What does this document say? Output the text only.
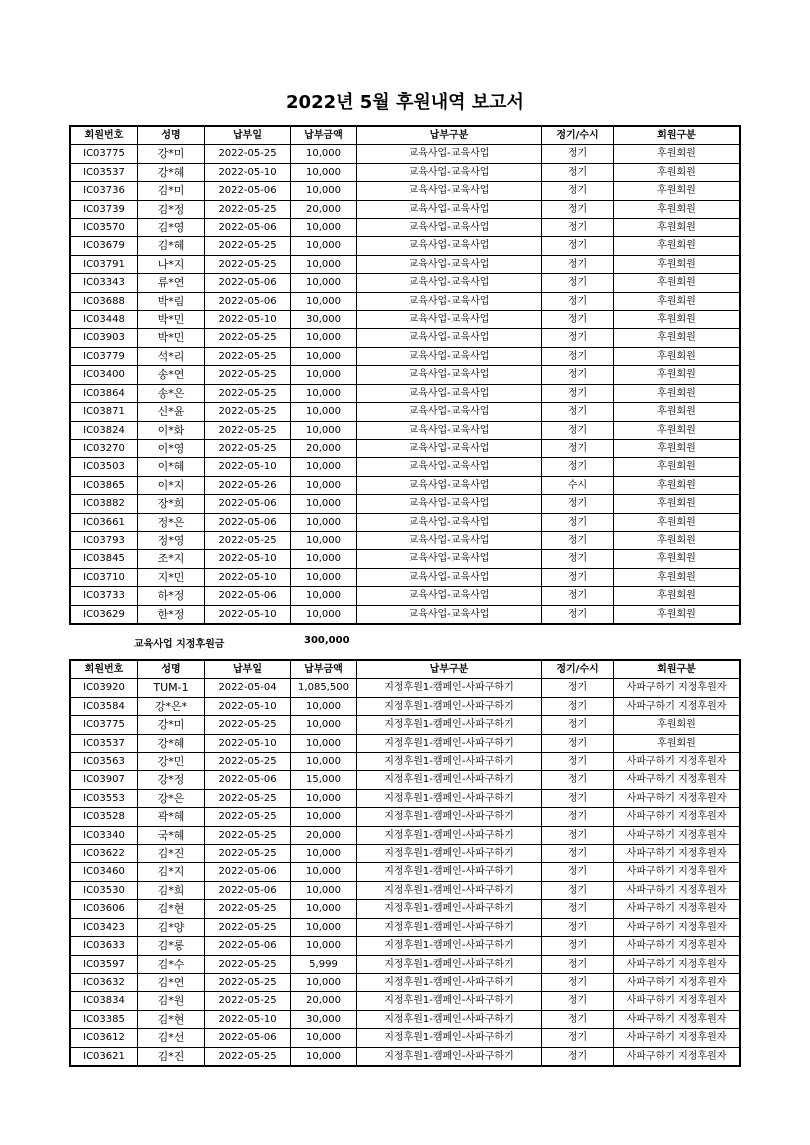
2022년 5월 후원내역 보고서
회원번호	성명	납부일	납부금액	납부구분	정기/수시	회원구분
IC03775	강*미	2022-05-25	10,000	교육사업-교육사업	정기	후원회원
IC03537	강*혜	2022-05-10	10,000	교육사업-교육사업	정기	후원회원
IC03736	김*미	2022-05-06	10,000	교육사업-교육사업	정기	후원회원
IC03739	김*정	2022-05-25	20,000	교육사업-교육사업	정기	후원회원
IC03570	김*영	2022-05-06	10,000	교육사업-교육사업	정기	후원회원
IC03679	김*혜	2022-05-25	10,000	교육사업-교육사업	정기	후원회원
IC03791	나*지	2022-05-25	10,000	교육사업-교육사업	정기	후원회원
IC03343	류*연	2022-05-06	10,000	교육사업-교육사업	정기	후원회원
IC03688	박*림	2022-05-06	10,000	교육사업-교육사업	정기	후원회원
IC03448	박*민	2022-05-10	30,000	교육사업-교육사업	정기	후원회원
IC03903	박*민	2022-05-25	10,000	교육사업-교육사업	정기	후원회원
IC03779	석*리	2022-05-25	10,000	교육사업-교육사업	정기	후원회원
IC03400	송*연	2022-05-25	10,000	교육사업-교육사업	정기	후원회원
IC03864	송*은	2022-05-25	10,000	교육사업-교육사업	정기	후원회원
IC03871	신*윤	2022-05-25	10,000	교육사업-교육사업	정기	후원회원
IC03824	이*화	2022-05-25	10,000	교육사업-교육사업	정기	후원회원
IC03270	이*영	2022-05-25	20,000	교육사업-교육사업	정기	후원회원
IC03503	이*혜	2022-05-10	10,000	교육사업-교육사업	정기	후원회원
IC03865	이*지	2022-05-26	10,000	교육사업-교육사업	수시	후원회원
IC03882	장*희	2022-05-06	10,000	교육사업-교육사업	정기	후원회원
IC03661	정*은	2022-05-06	10,000	교육사업-교육사업	정기	후원회원
IC03793	정*영	2022-05-25	10,000	교육사업-교육사업	정기	후원회원
IC03845	조*지	2022-05-10	10,000	교육사업-교육사업	정기	후원회원
IC03710	지*민	2022-05-10	10,000	교육사업-교육사업	정기	후원회원
IC03733	하*정	2022-05-06	10,000	교육사업-교육사업	정기	후원회원
IC03629	한*정	2022-05-10	10,000	교육사업-교육사업	정기	후원회원
교육사업 지정후원금	300,000
회원번호	성명	납부일	납부금액	납부구분	정기/수시	회원구분
IC03920	TUM-1	2022-05-04	1,085,500	지정후원1-캠페인-사파구하기	정기	사파구하기 지정후원자
IC03584	강*은*	2022-05-10	10,000	지정후원1-캠페인-사파구하기	정기	사파구하기 지정후원자
IC03775	강*미	2022-05-25	10,000	지정후원1-캠페인-사파구하기	정기	후원회원
IC03537	강*혜	2022-05-10	10,000	지정후원1-캠페인-사파구하기	정기	후원회원
IC03563	강*민	2022-05-25	10,000	지정후원1-캠페인-사파구하기	정기	사파구하기 지정후원자
IC03907	강*정	2022-05-06	15,000	지정후원1-캠페인-사파구하기	정기	사파구하기 지정후원자
IC03553	강*은	2022-05-25	10,000	지정후원1-캠페인-사파구하기	정기	사파구하기 지정후원자
IC03528	곽*혜	2022-05-25	10,000	지정후원1-캠페인-사파구하기	정기	사파구하기 지정후원자
IC03340	국*혜	2022-05-25	20,000	지정후원1-캠페인-사파구하기	정기	사파구하기 지정후원자
IC03622	김*진	2022-05-25	10,000	지정후원1-캠페인-사파구하기	정기	사파구하기 지정후원자
IC03460	김*지	2022-05-06	10,000	지정후원1-캠페인-사파구하기	정기	사파구하기 지정후원자
IC03530	김*희	2022-05-06	10,000	지정후원1-캠페인-사파구하기	정기	사파구하기 지정후원자
IC03606	김*현	2022-05-25	10,000	지정후원1-캠페인-사파구하기	정기	사파구하기 지정후원자
IC03423	김*양	2022-05-25	10,000	지정후원1-캠페인-사파구하기	정기	사파구하기 지정후원자
IC03633	김*롱	2022-05-06	10,000	지정후원1-캠페인-사파구하기	정기	사파구하기 지정후원자
IC03597	김*수	2022-05-25	5,999	지정후원1-캠페인-사파구하기	정기	사파구하기 지정후원자
IC03632	김*연	2022-05-25	10,000	지정후원1-캠페인-사파구하기	정기	사파구하기 지정후원자
IC03834	김*원	2022-05-25	20,000	지정후원1-캠페인-사파구하기	정기	사파구하기 지정후원자
IC03385	김*현	2022-05-10	30,000	지정후원1-캠페인-사파구하기	정기	사파구하기 지정후원자
IC03612	김*선	2022-05-06	10,000	지정후원1-캠페인-사파구하기	정기	사파구하기 지정후원자
IC03621	김*진	2022-05-25	10,000	지정후원1-캠페인-사파구하기	정기	사파구하기 지정후원자
